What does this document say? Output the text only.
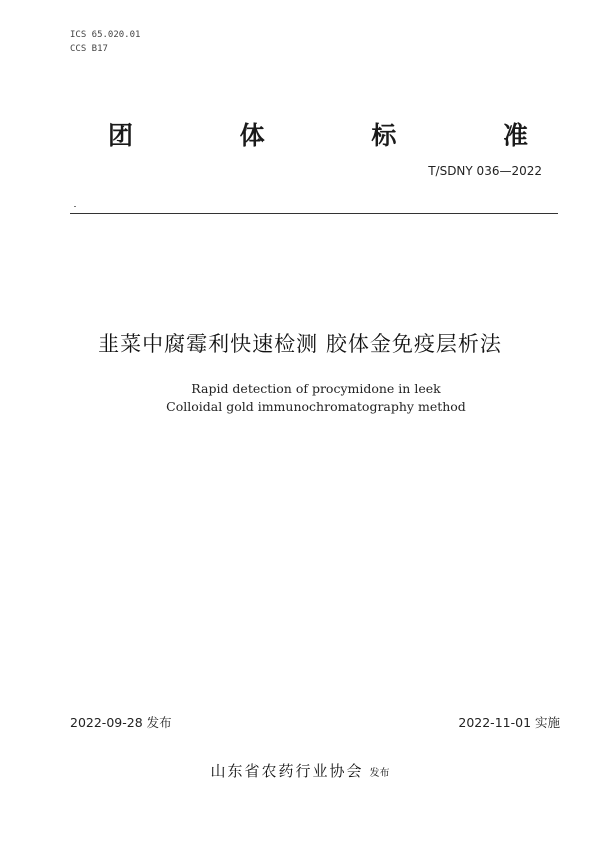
ICS 65.020.01
CCS B17
团	体	标	准
T/SDNY 036—2022
韭菜中腐霉利快速检测 胶体金免疫层析法
Rapid detection of procymidone in leek
Colloidal gold immunochromatography method
2022-09-28 发布	2022-11-01 实施
山东省农药行业协会 发布
